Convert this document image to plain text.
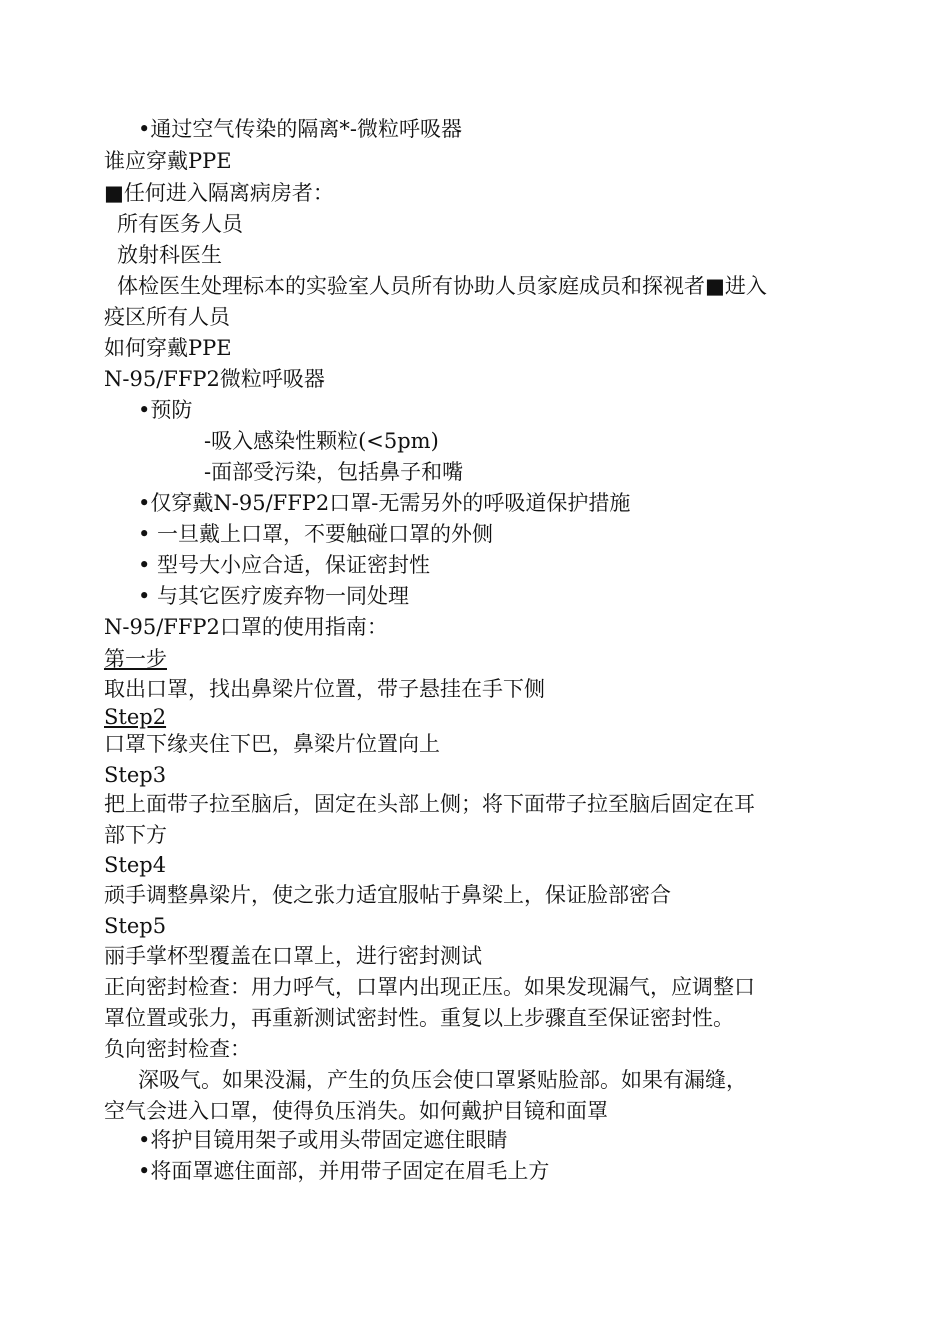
•通过空气传染的隔离*-微粒呼吸器
谁应穿戴PPE
■任何进入隔离病房者：
所有医务人员
放射科医生
体检医生处理标本的实验室人员所有协助人员家庭成员和探视者■进入
疫区所有人员
如何穿戴PPE
N-95/FFP2微粒呼吸器
•预防
-吸入感染性颗粒(<5pm)
-面部受污染，包括鼻子和嘴
•仅穿戴N-95/FFP2口罩-无需另外的呼吸道保护措施
• 一旦戴上口罩，不要触碰口罩的外侧
• 型号大小应合适，保证密封性
• 与其它医疗废弃物一同处理
N-95/FFP2口罩的使用指南：
第一步
取出口罩，找出鼻梁片位置，带子悬挂在手下侧
Step2
口罩下缘夹住下巴，鼻梁片位置向上
Step3
把上面带子拉至脑后，固定在头部上侧；将下面带子拉至脑后固定在耳
部下方
Step4
顽手调整鼻梁片，使之张力适宜服帖于鼻梁上，保证脸部密合
Step5
丽手掌杯型覆盖在口罩上，进行密封测试
正向密封检查：用力呼气，口罩内出现正压。如果发现漏气，应调整口
罩位置或张力，再重新测试密封性。重复以上步骤直至保证密封性。
负向密封检查：
深吸气。如果没漏，产生的负压会使口罩紧贴脸部。如果有漏缝，
空气会进入口罩，使得负压消失。如何戴护目镜和面罩
•将护目镜用架子或用头带固定遮住眼睛
•将面罩遮住面部，并用带子固定在眉毛上方
